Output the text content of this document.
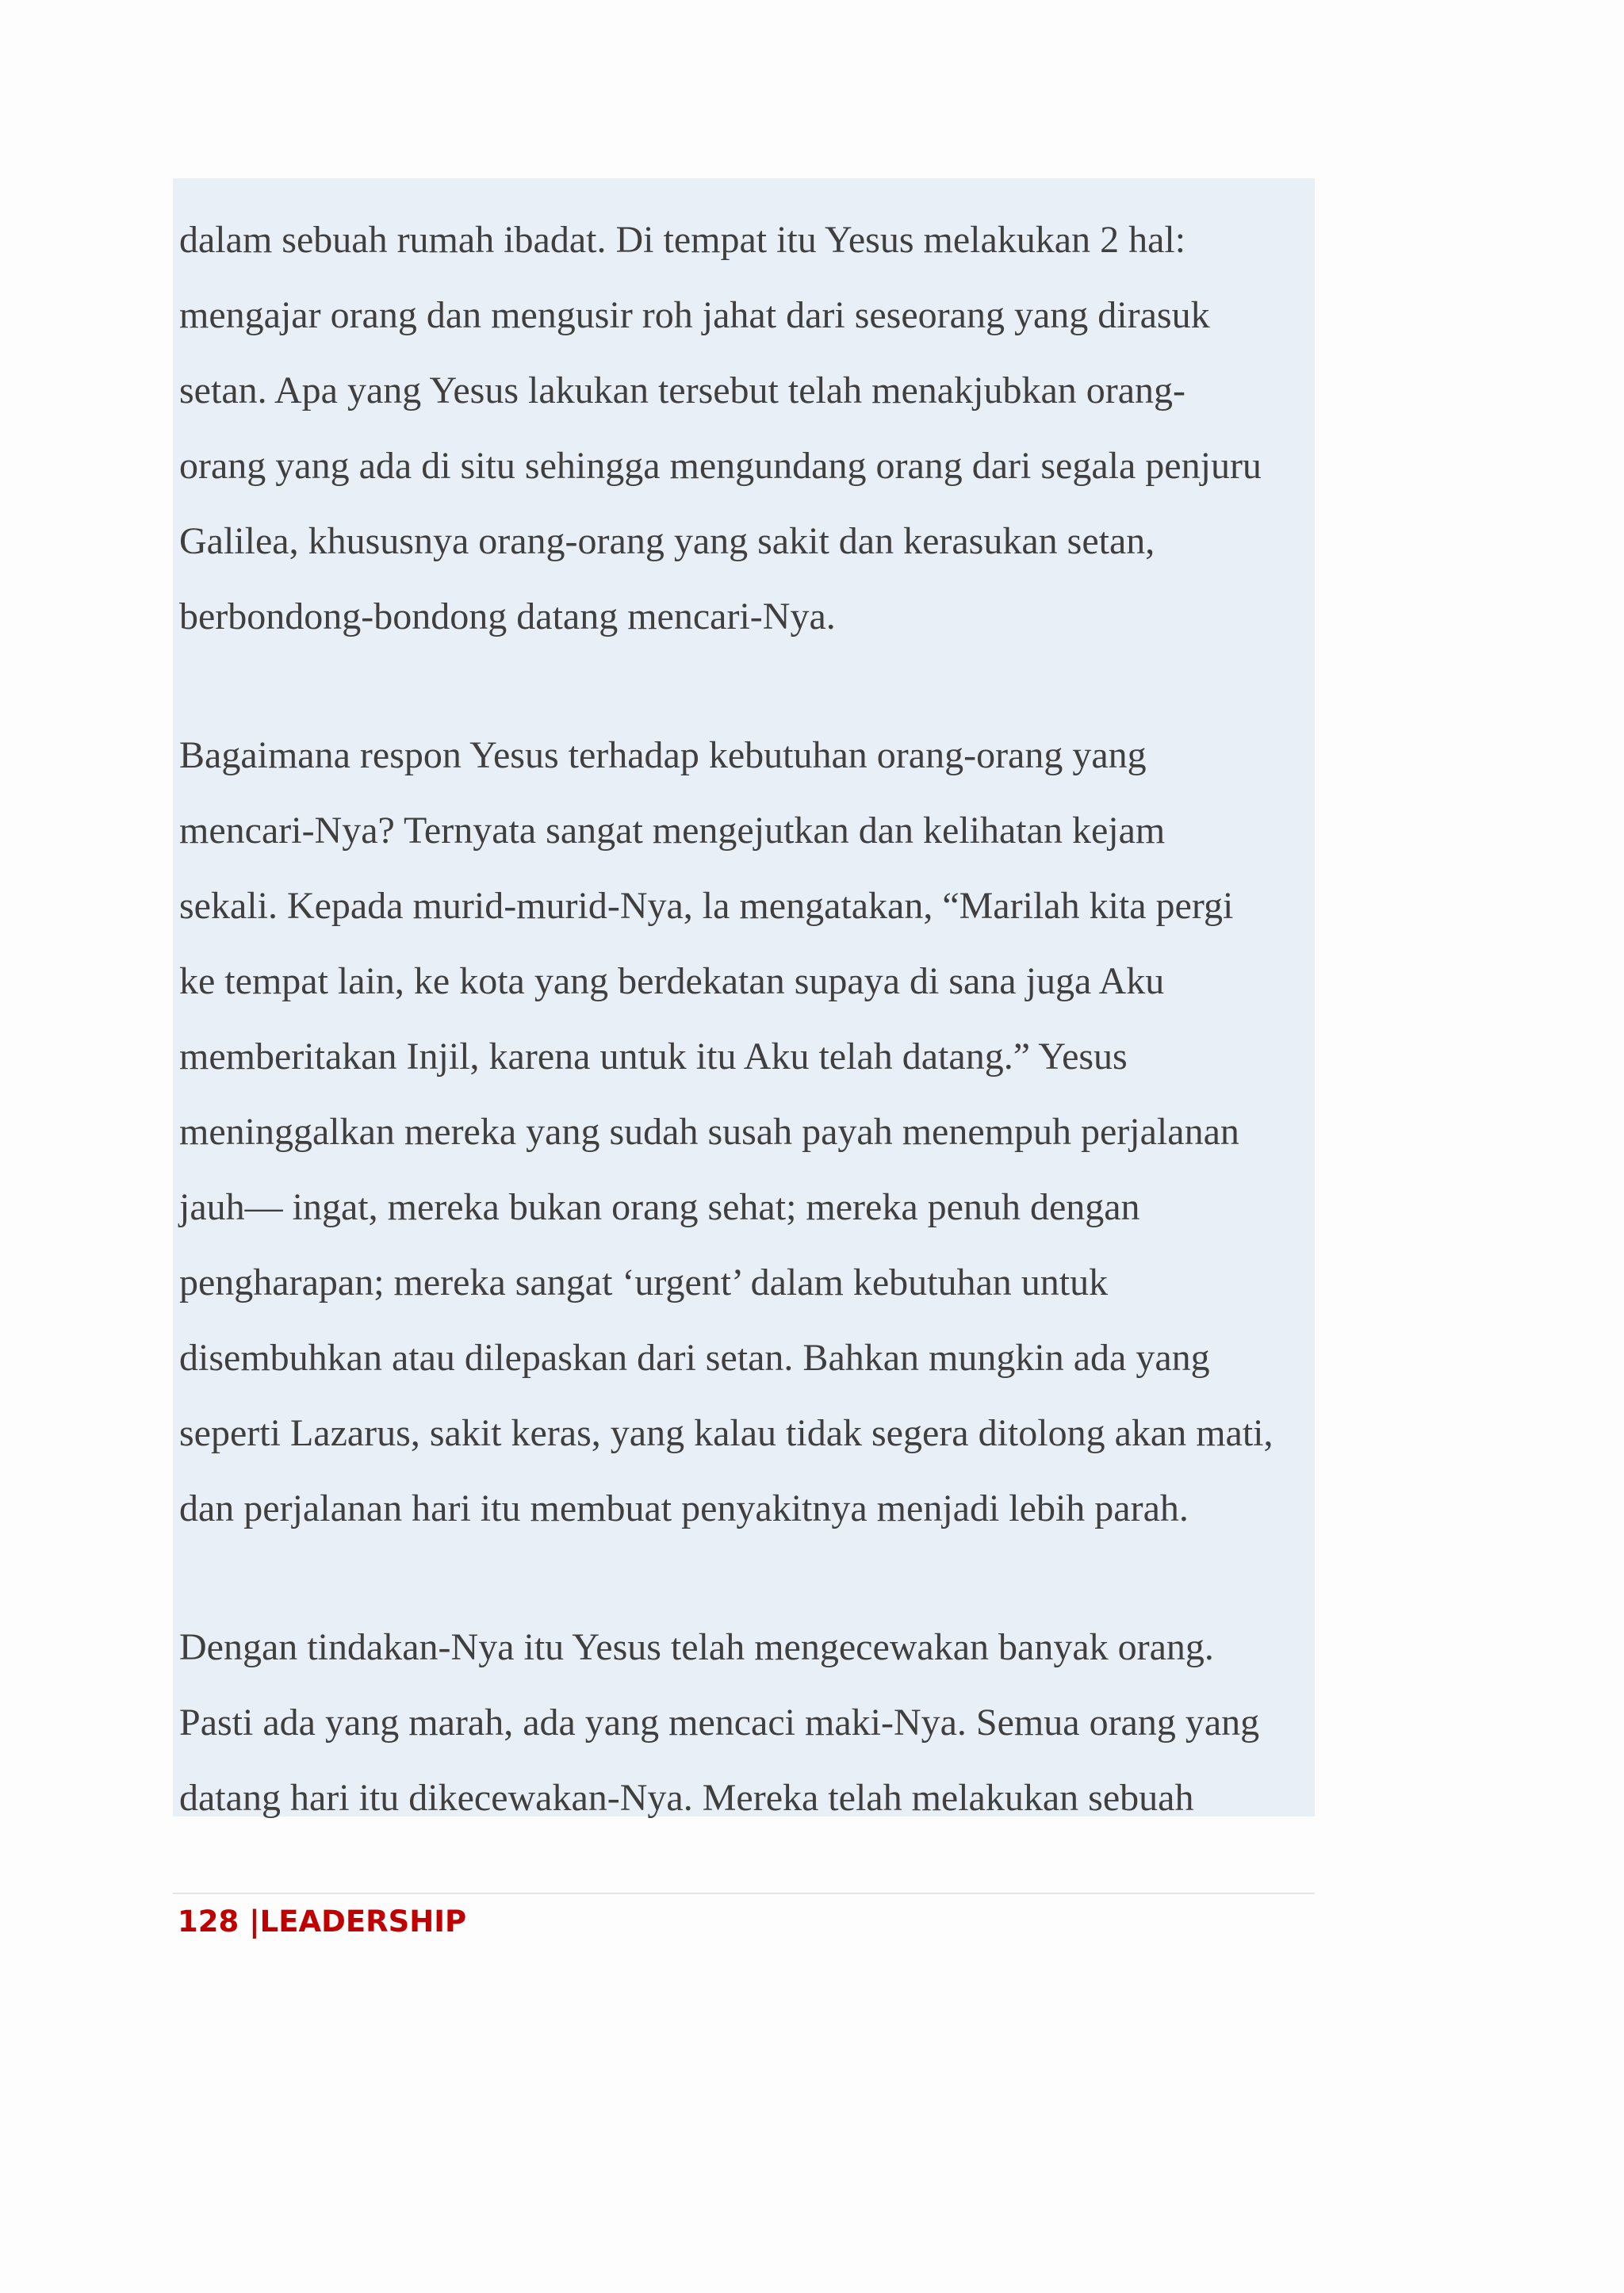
dalam sebuah rumah ibadat. Di tempat itu Yesus melakukan 2 hal:
mengajar orang dan mengusir roh jahat dari seseorang yang dirasuk
setan. Apa yang Yesus lakukan tersebut telah menakjubkan orang-
orang yang ada di situ sehingga mengundang orang dari segala penjuru
Galilea, khususnya orang-orang yang sakit dan kerasukan setan,
berbondong-bondong datang mencari-Nya.
Bagaimana respon Yesus terhadap kebutuhan orang-orang yang
mencari-Nya? Ternyata sangat mengejutkan dan kelihatan kejam
sekali. Kepada murid-murid-Nya, la mengatakan, “Marilah kita pergi
ke tempat lain, ke kota yang berdekatan supaya di sana juga Aku
memberitakan Injil, karena untuk itu Aku telah datang.” Yesus
meninggalkan mereka yang sudah susah payah menempuh perjalanan
jauh— ingat, mereka bukan orang sehat; mereka penuh dengan
pengharapan; mereka sangat ‘urgent’ dalam kebutuhan untuk
disembuhkan atau dilepaskan dari setan. Bahkan mungkin ada yang
seperti Lazarus, sakit keras, yang kalau tidak segera ditolong akan mati,
dan perjalanan hari itu membuat penyakitnya menjadi lebih parah.
Dengan tindakan-Nya itu Yesus telah mengecewakan banyak orang.
Pasti ada yang marah, ada yang mencaci maki-Nya. Semua orang yang
datang hari itu dikecewakan-Nya. Mereka telah melakukan sebuah
128 |LEADERSHIP
